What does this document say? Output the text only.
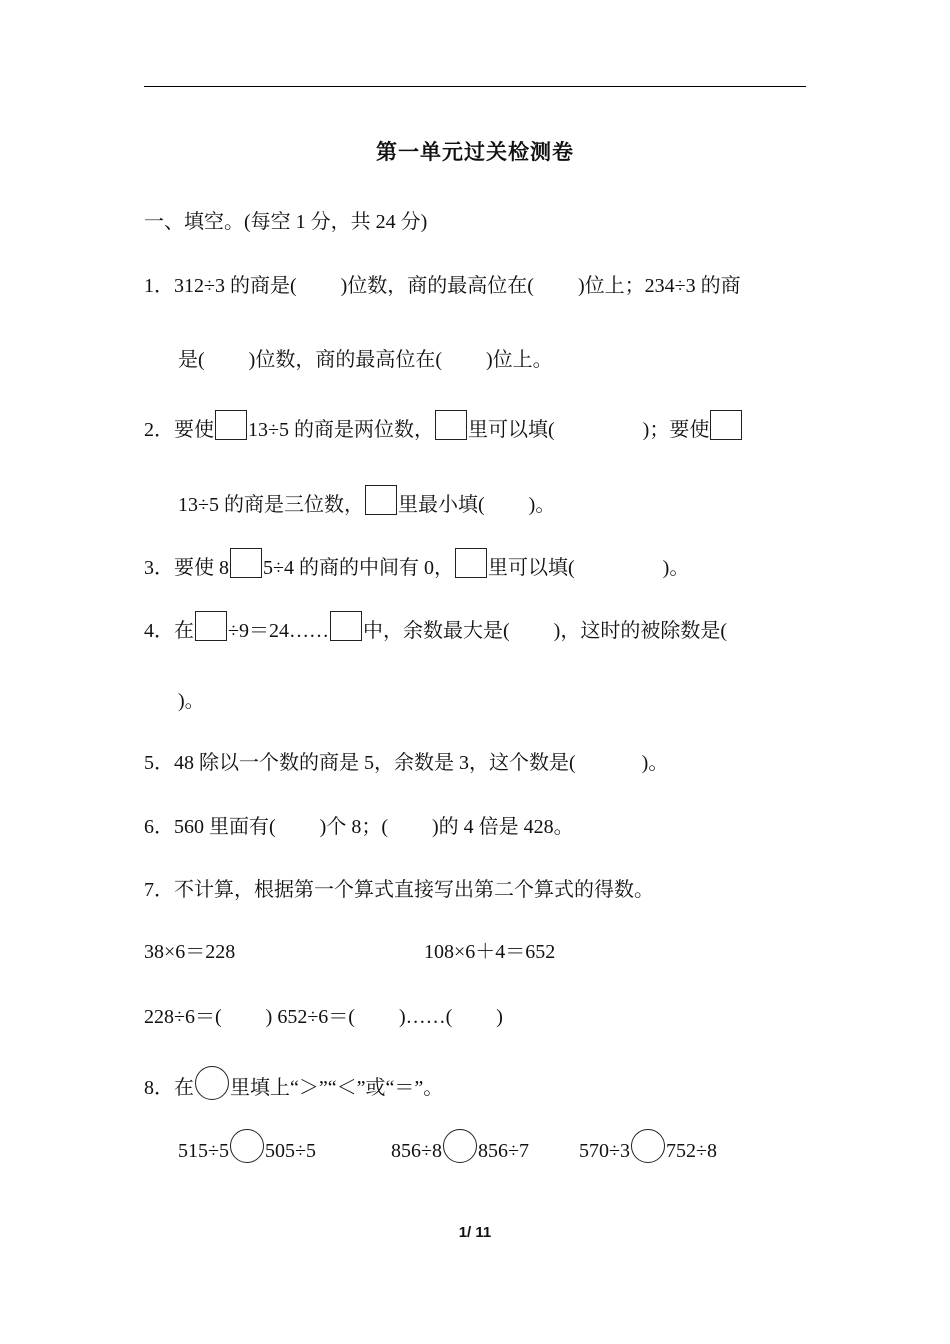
第一单元过关检测卷
一、填空。(每空 1 分，共 24 分)
1．312÷3 的商是( )位数，商的最高位在( )位上；234÷3 的商
是( )位数，商的最高位在( )位上。
2．要使 13÷5 的商是两位数， 里可以填(	)；要使
13÷5 的商是三位数， 里最小填( )。
3．要使 8 5÷4 的商的中间有 0， 里可以填(	)。
4．在 ÷9＝24…… 中，余数最大是( )，这时的被除数是(
)。
5．48 除以一个数的商是 5，余数是 3，这个数是(	)。
6．560 里面有( )个 8；( )的 4 倍是 428。
7．不计算，根据第一个算式直接写出第二个算式的得数。
38×6＝228	108×6＋4＝652
228÷6＝( ) 652÷6＝( )……( )
8．在 里填上“＞”“＜”或“＝”。
515÷5 505÷5	856÷8 856÷7	570÷3 752÷8
1/ 11
